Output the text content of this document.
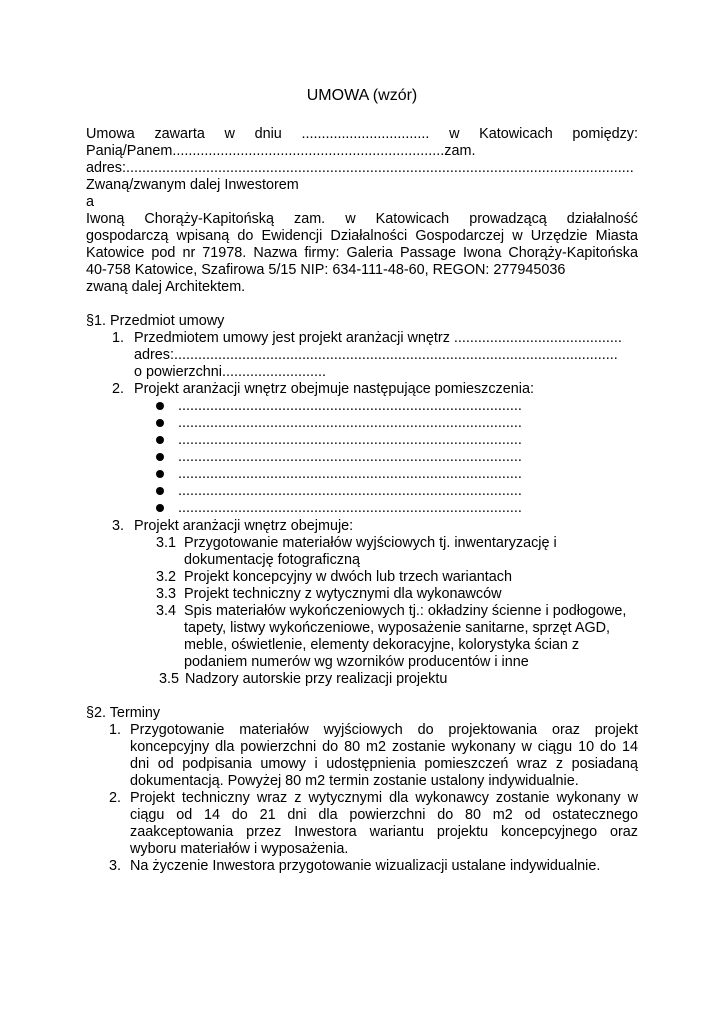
UMOWA (wzór)
Umowa zawarta w dniu ................................ w Katowicach pomiędzy:
Panią/Panem....................................................................zam.
adres:...............................................................................................................................
Zwaną/zwanym dalej Inwestorem
a
Iwoną Chorąży-Kapitońską zam. w Katowicach prowadzącą działalność
gospodarczą wpisaną do Ewidencji Działalności Gospodarczej w Urzędzie Miasta
Katowice pod nr 71978. Nazwa firmy: Galeria Passage Iwona Chorąży-Kapitońska
40-758 Katowice, Szafirowa 5/15 NIP: 634-111-48-60, REGON: 277945036
zwaną dalej Architektem.
§1. Przedmiot umowy
1. Przedmiotem umowy jest projekt aranżacji wnętrz ..........................................
adres:...............................................................................................................
o powierzchni..........................
2. Projekt aranżacji wnętrz obejmuje następujące pomieszczenia:
......................................................................................
......................................................................................
......................................................................................
......................................................................................
......................................................................................
......................................................................................
......................................................................................
3. Projekt aranżacji wnętrz obejmuje:
3.1 Przygotowanie materiałów wyjściowych tj. inwentaryzację i
dokumentację fotograficzną
3.2 Projekt koncepcyjny w dwóch lub trzech wariantach
3.3 Projekt techniczny z wytycznymi dla wykonawców
3.4 Spis materiałów wykończeniowych tj.: okładziny ścienne i podłogowe,
tapety, listwy wykończeniowe, wyposażenie sanitarne, sprzęt AGD,
meble, oświetlenie, elementy dekoracyjne, kolorystyka ścian z
podaniem numerów wg wzorników producentów i inne
3.5 Nadzory autorskie przy realizacji projektu
§2. Terminy
1. Przygotowanie materiałów wyjściowych do projektowania oraz projekt
koncepcyjny dla powierzchni do 80 m2 zostanie wykonany w ciągu 10 do 14
dni od podpisania umowy i udostępnienia pomieszczeń wraz z posiadaną
dokumentacją. Powyżej 80 m2 termin zostanie ustalony indywidualnie.
2. Projekt techniczny wraz z wytycznymi dla wykonawcy zostanie wykonany w
ciągu od 14 do 21 dni dla powierzchni do 80 m2 od ostatecznego
zaakceptowania przez Inwestora wariantu projektu koncepcyjnego oraz
wyboru materiałów i wyposażenia.
3. Na życzenie Inwestora przygotowanie wizualizacji ustalane indywidualnie.
